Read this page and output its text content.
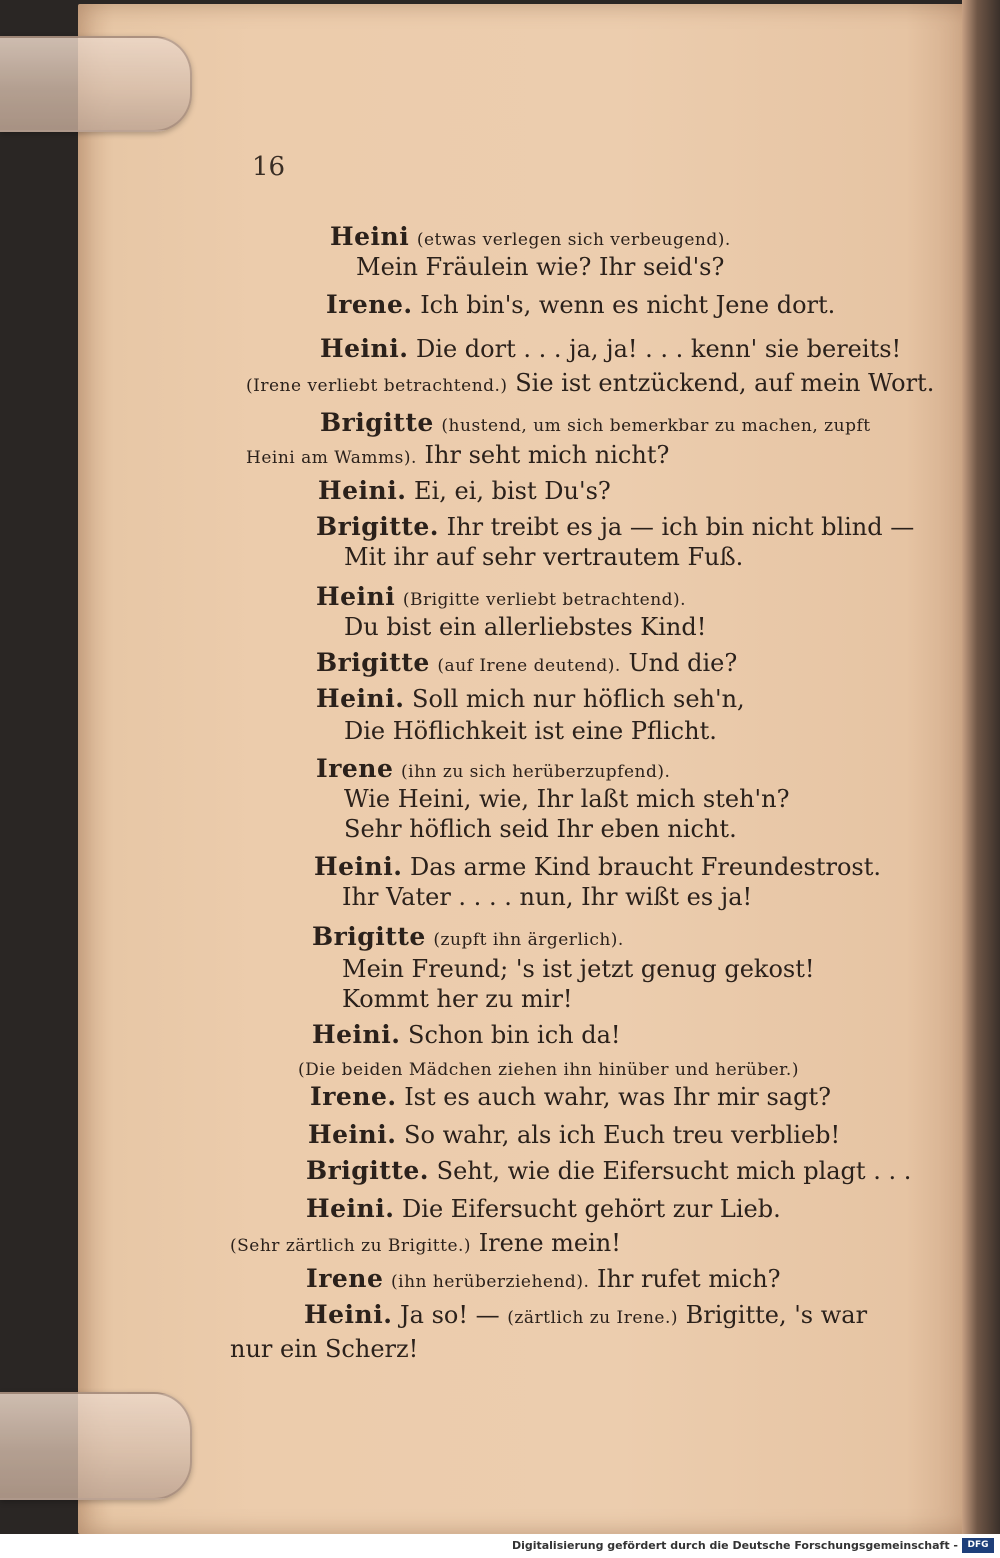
16
Heini (etwas verlegen sich verbeugend).
Mein Fräulein wie? Ihr seid's?
Irene. Ich bin's, wenn es nicht Jene dort.
Heini. Die dort . . . ja, ja! . . . kenn' sie bereits!
(Irene verliebt betrachtend.) Sie ist entzückend, auf mein Wort.
Brigitte (hustend, um sich bemerkbar zu machen, zupft
Heini am Wamms). Ihr seht mich nicht?
Heini. Ei, ei, bist Du's?
Brigitte. Ihr treibt es ja — ich bin nicht blind —
Mit ihr auf sehr vertrautem Fuß.
Heini (Brigitte verliebt betrachtend).
Du bist ein allerliebstes Kind!
Brigitte (auf Irene deutend). Und die?
Heini. Soll mich nur höflich seh'n,
Die Höflichkeit ist eine Pflicht.
Irene (ihn zu sich herüberzupfend).
Wie Heini, wie, Ihr laßt mich steh'n?
Sehr höflich seid Ihr eben nicht.
Heini. Das arme Kind braucht Freundestrost.
Ihr Vater . . . . nun, Ihr wißt es ja!
Brigitte (zupft ihn ärgerlich).
Mein Freund; 's ist jetzt genug gekost!
Kommt her zu mir!
Heini. Schon bin ich da!
(Die beiden Mädchen ziehen ihn hinüber und herüber.)
Irene. Ist es auch wahr, was Ihr mir sagt?
Heini. So wahr, als ich Euch treu verblieb!
Brigitte. Seht, wie die Eifersucht mich plagt . . .
Heini. Die Eifersucht gehört zur Lieb.
(Sehr zärtlich zu Brigitte.) Irene mein!
Irene (ihn herüberziehend). Ihr rufet mich?
Heini. Ja so! — (zärtlich zu Irene.) Brigitte, 's war
nur ein Scherz!
Digitalisierung gefördert durch die Deutsche Forschungsgemeinschaft -	DFG
